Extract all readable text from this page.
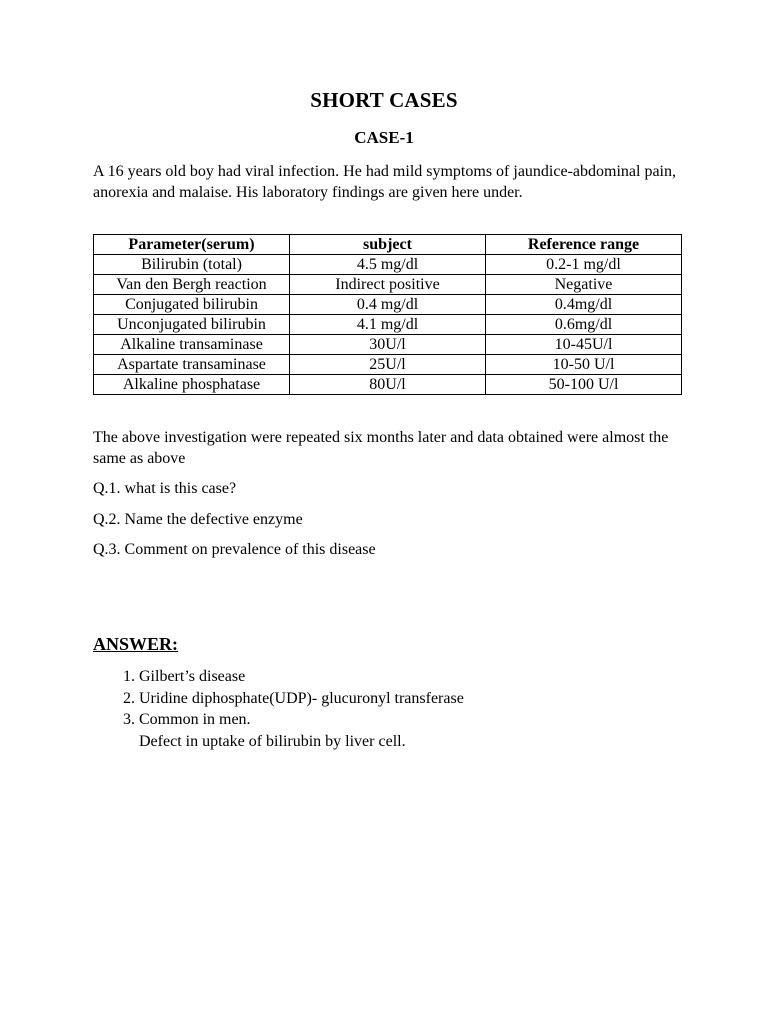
SHORT CASES
CASE-1

A 16 years old boy had viral infection. He had mild symptoms of jaundice-abdominal pain, anorexia and malaise. His laboratory findings are given here under.

Parameter(serum)	subject	Reference range
Bilirubin (total)	4.5 mg/dl	0.2-1 mg/dl
Van den Bergh reaction	Indirect positive	Negative
Conjugated bilirubin	0.4 mg/dl	0.4mg/dl
Unconjugated bilirubin	4.1 mg/dl	0.6mg/dl
Alkaline transaminase	30U/l	10-45U/l
Aspartate transaminase	25U/l	10-50 U/l
Alkaline phosphatase	80U/l	50-100 U/l

The above investigation were repeated six months later and data obtained were almost the same as above

Q.1. what is this case?

Q.2. Name the defective enzyme

Q.3. Comment on prevalence of this disease

ANSWER:
1. Gilbert’s disease
2. Uridine diphosphate(UDP)- glucuronyl transferase
3. Common in men.
Defect in uptake of bilirubin by liver cell.
